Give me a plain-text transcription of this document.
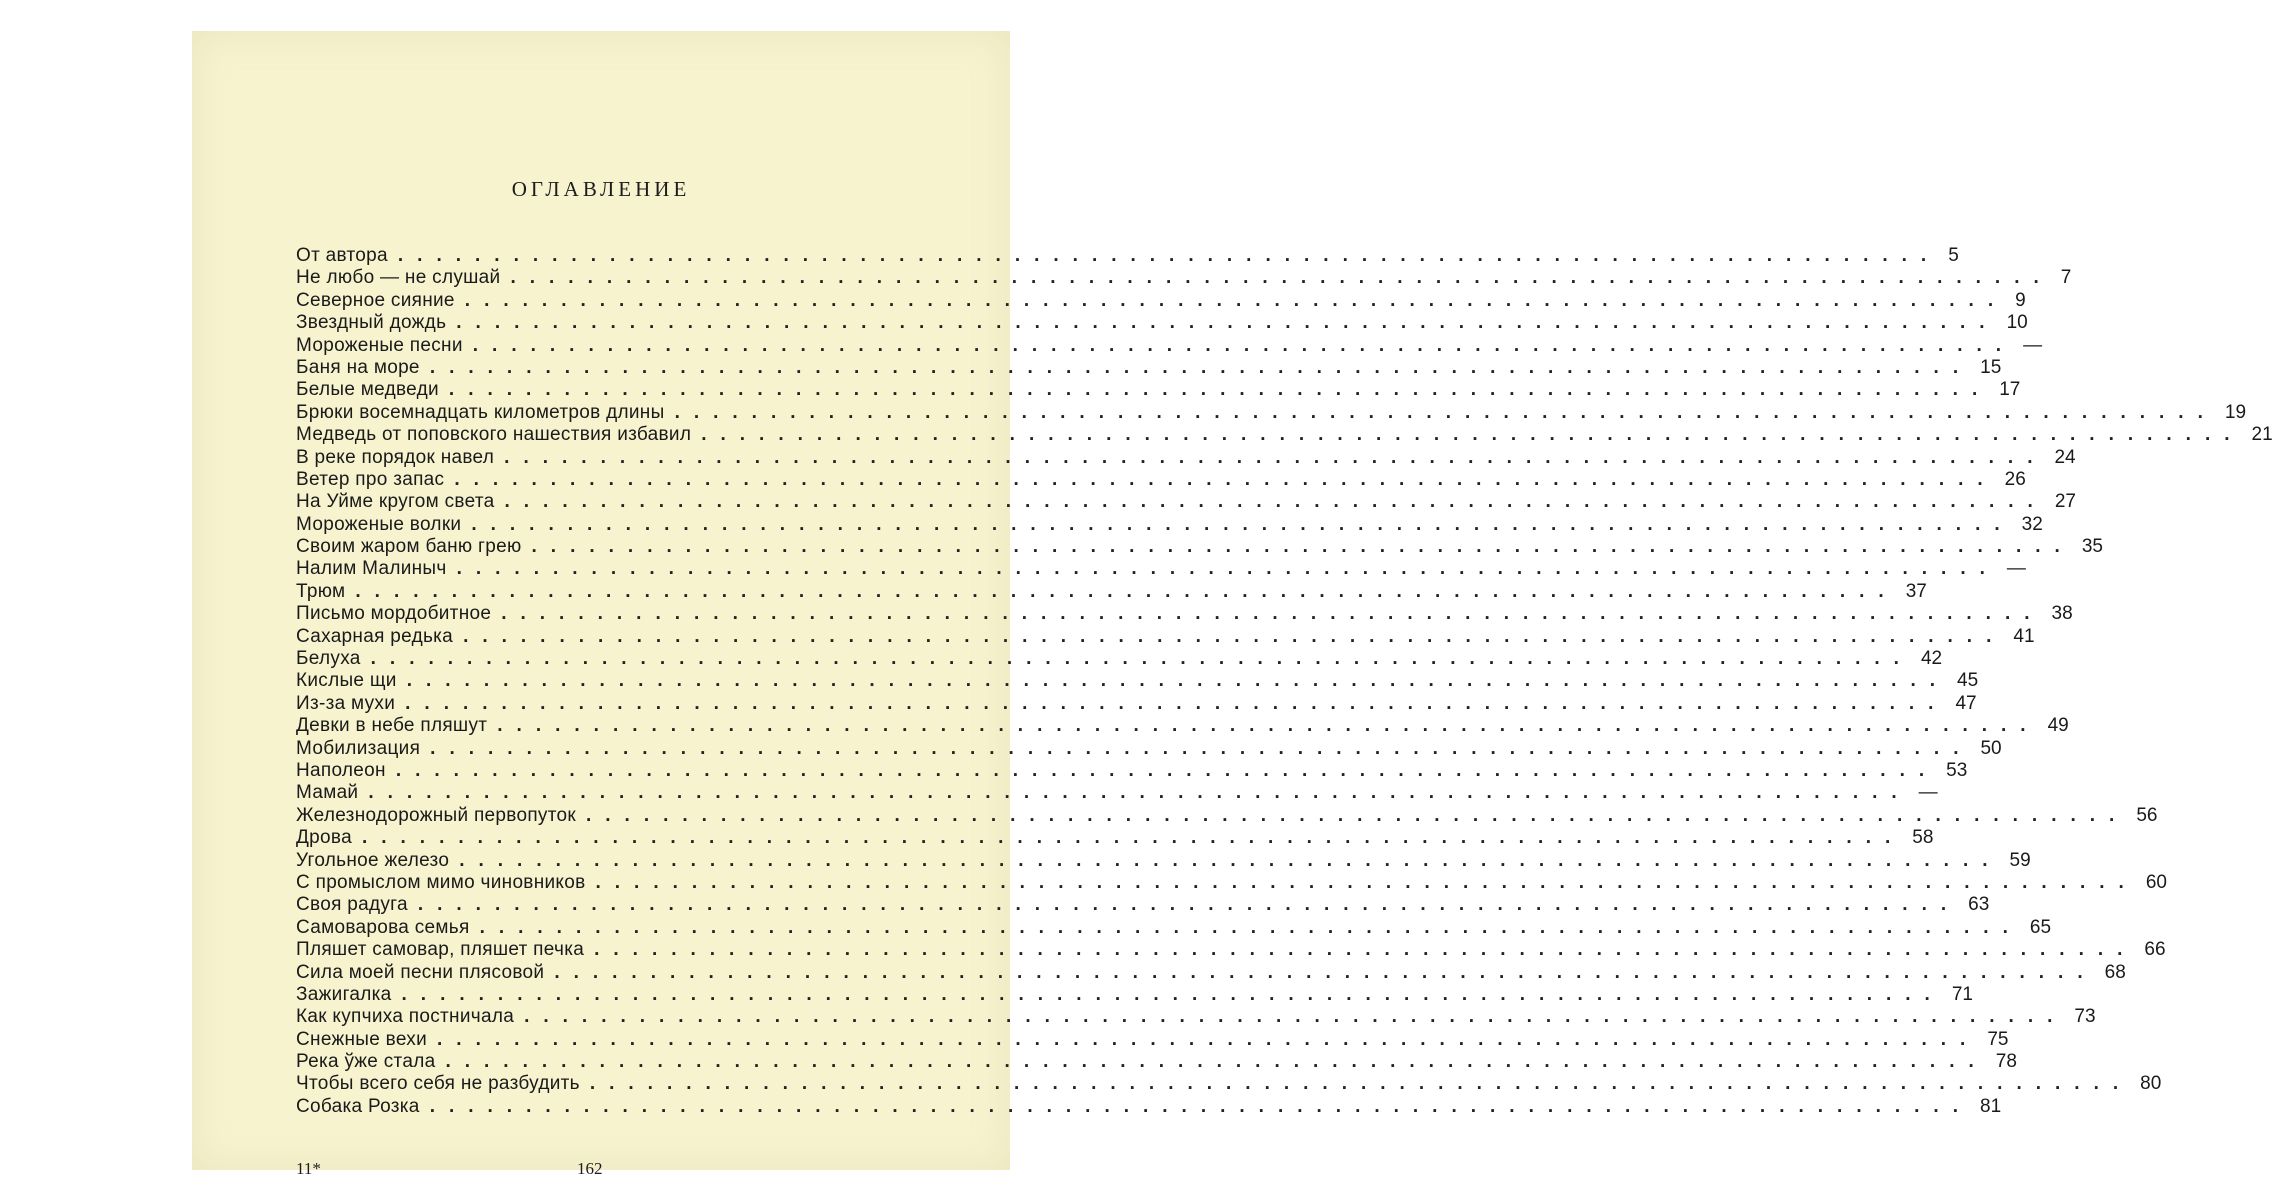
ОГЛАВЛЕНИЕ
От автора ................................................................................ 5
Не любо — не слушай ................................................................................ 7
Северное сияние ................................................................................ 9
Звездный дождь ................................................................................ 10
Мороженые песни ................................................................................ —
Баня на море ................................................................................ 15
Белые медведи ................................................................................ 17
Брюки восемнадцать километров длины ................................................................................ 19
Медведь от поповского нашествия избавил ................................................................................ 21
В реке порядок навел ................................................................................ 24
Ветер про запас ................................................................................ 26
На Уйме кругом света ................................................................................ 27
Мороженые волки ................................................................................ 32
Своим жаром баню грею ................................................................................ 35
Налим Малиныч ................................................................................ —
Трюм ................................................................................ 37
Письмо мордобитное ................................................................................ 38
Сахарная редька ................................................................................ 41
Белуха ................................................................................ 42
Кислые щи ................................................................................ 45
Из-за мухи ................................................................................ 47
Девки в небе пляшут ................................................................................ 49
Мобилизация ................................................................................ 50
Наполеон ................................................................................ 53
Мамай ................................................................................ —
Железнодорожный первопуток ................................................................................ 56
Дрова ................................................................................ 58
Угольное железо ................................................................................ 59
С промыслом мимо чиновников ................................................................................ 60
Своя радуга ................................................................................ 63
Самоварова семья ................................................................................ 65
Пляшет самовар, пляшет печка ................................................................................ 66
Сила моей песни плясовой ................................................................................ 68
Зажигалка ................................................................................ 71
Как купчиха постничала ................................................................................ 73
Снежные вехи ................................................................................ 75
Река ўже стала ................................................................................ 78
Чтобы всего себя не разбудить ................................................................................ 80
Собака Розка ................................................................................ 81
11*	162
